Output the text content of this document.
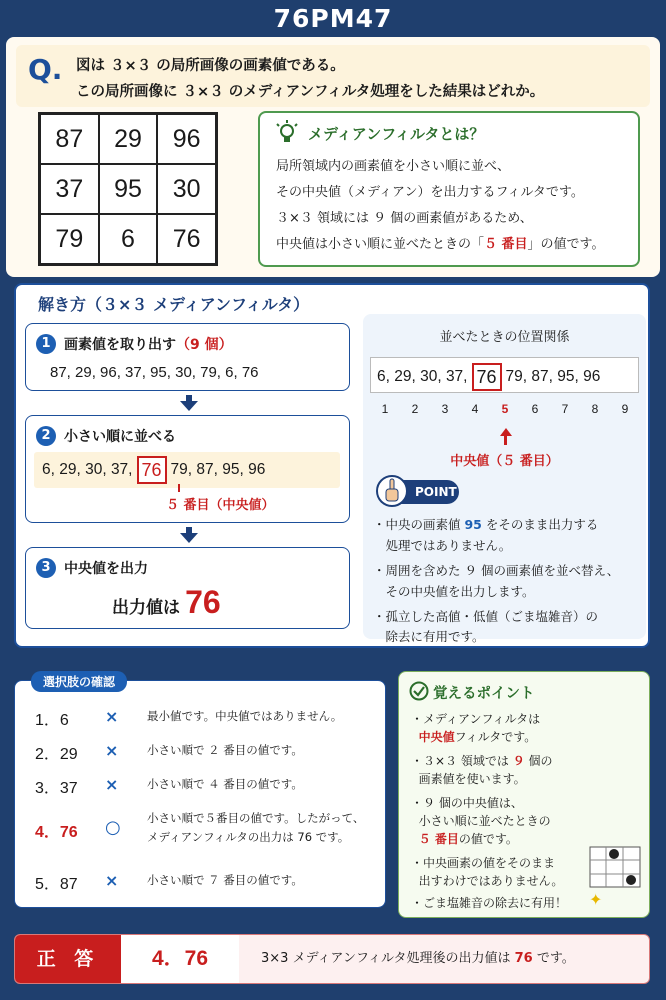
76PM47
Q. 図は ３×３ の局所画像の画素値である。
この局所画像に ３×３ のメディアンフィルタ処理をした結果はどれか。
87	29	96
37	95	30
79	6	76
メディアンフィルタとは？
局所領域内の画素値を小さい順に並べ、
その中央値（メディアン）を出力するフィルタです。
３×３ 領域には ９ 個の画素値があるため、
中央値は小さい順に並べたときの「５ 番目」の値です。
解き方（３×３ メディアンフィルタ）
1 画素値を取り出す（9 個）
87, 29, 96, 37, 95, 30, 79, 6, 76
2 小さい順に並べる
6, 29, 30, 37, 76 79, 87, 95, 96
５ 番目（中央値）
3 中央値を出力
出力値は 76
並べたときの位置関係
6, 29, 30, 37, 76 79, 87, 95, 96
1	2	3	4	5	6	7	8	9
中央値（５ 番目）
POINT
・中央の画素値 95 をそのまま出力する
　処理ではありません。
・周囲を含めた ９ 個の画素値を並べ替え、
　その中央値を出力します。
・孤立した高値・低値（ごま塩雑音）の
　除去に有用です。
選択肢の確認
1．6 × 最小値です。中央値ではありません。
2．29 × 小さい順で ２ 番目の値です。
3．37 × 小さい順で ４ 番目の値です。
4．76 ○ 小さい順で５番目の値です。したがって、
メディアンフィルタの出力は 76 です。
5．87 × 小さい順で ７ 番目の値です。
覚えるポイント
・メディアンフィルタは
中央値フィルタです。
・３×３ 領域では ９ 個の
画素値を使います。
・９ 個の中央値は、
小さい順に並べたときの
５ 番目の値です。
・中央画素の値をそのまま
出すわけではありません。
・ごま塩雑音の除去に有用！ ✦
正 答	4．76	3×3 メディアンフィルタ処理後の出力値は 76 です。
